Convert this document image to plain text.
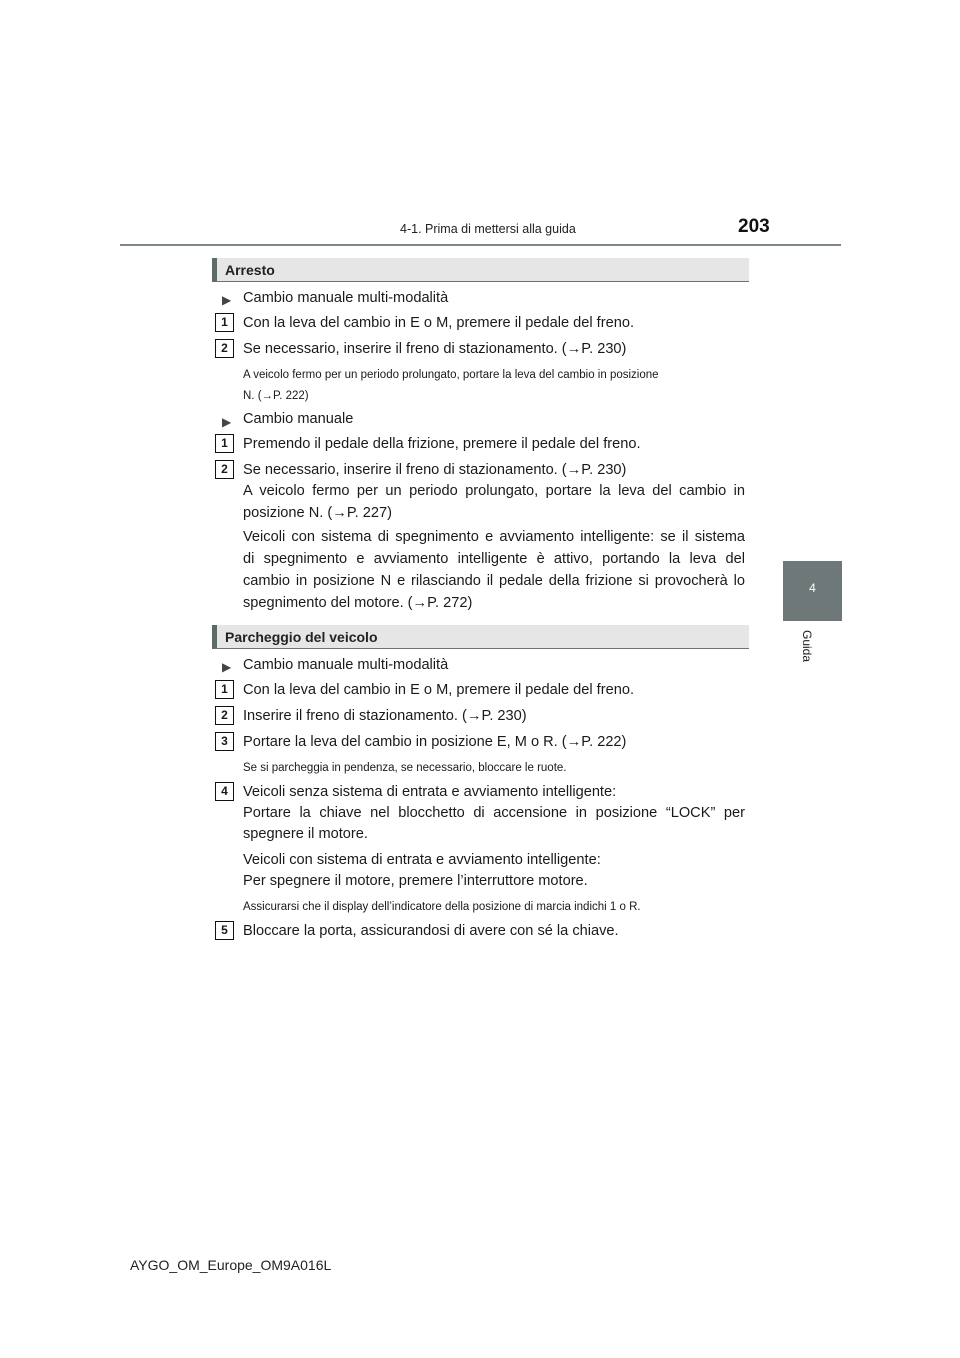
4-1. Prima di mettersi alla guida	203
4
Guida
Arresto
▶ Cambio manuale multi-modalità
1	Con la leva del cambio in E o M, premere il pedale del freno.
2	Se necessario, inserire il freno di stazionamento. (→P. 230)
A veicolo fermo per un periodo prolungato, portare la leva del cambio in posizione
N. (→P. 222)
▶ Cambio manuale
1	Premendo il pedale della frizione, premere il pedale del freno.
2	Se necessario, inserire il freno di stazionamento. (→P. 230)
A veicolo fermo per un periodo prolungato, portare la leva del cambio in
posizione N. (→P. 227)
Veicoli con sistema di spegnimento e avviamento intelligente: se il sistema
di spegnimento e avviamento intelligente è attivo, portando la leva del
cambio in posizione N e rilasciando il pedale della frizione si provocherà lo
spegnimento del motore. (→P. 272)
Parcheggio del veicolo
▶ Cambio manuale multi-modalità
1	Con la leva del cambio in E o M, premere il pedale del freno.
2	Inserire il freno di stazionamento. (→P. 230)
3	Portare la leva del cambio in posizione E, M o R. (→P. 222)
Se si parcheggia in pendenza, se necessario, bloccare le ruote.
4	Veicoli senza sistema di entrata e avviamento intelligente:
Portare la chiave nel blocchetto di accensione in posizione “LOCK” per
spegnere il motore.
Veicoli con sistema di entrata e avviamento intelligente:
Per spegnere il motore, premere l’interruttore motore.
Assicurarsi che il display dell’indicatore della posizione di marcia indichi 1 o R.
5	Bloccare la porta, assicurandosi di avere con sé la chiave.
AYGO_OM_Europe_OM9A016L
